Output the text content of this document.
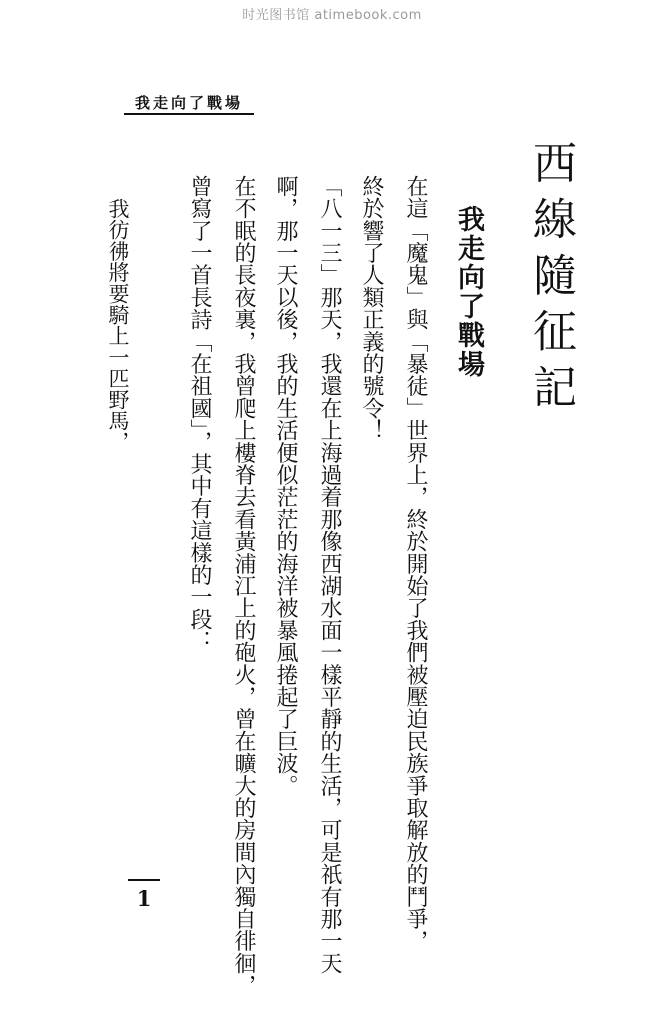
时光图书馆 atimebook.com
我走向了戰場
西線隨征記
我走向了戰場
在這「魔鬼」與「暴徒」世界上，終於開始了我們被壓迫民族爭取解放的鬥爭，
終於響了人類正義的號令！
「八一三」那天，我還在上海過着那像西湖水面一樣平靜的生活，可是祇有那一天
啊，那一天以後，我的生活便似茫茫的海洋被暴風捲起了巨波。
在不眠的長夜裏，我曾爬上樓脊去看黃浦江上的砲火，曾在曠大的房間內獨自徘徊，
曾寫了一首長詩「在祖國」，其中有這樣的一段：
我彷彿將要騎上一匹野馬，
1
